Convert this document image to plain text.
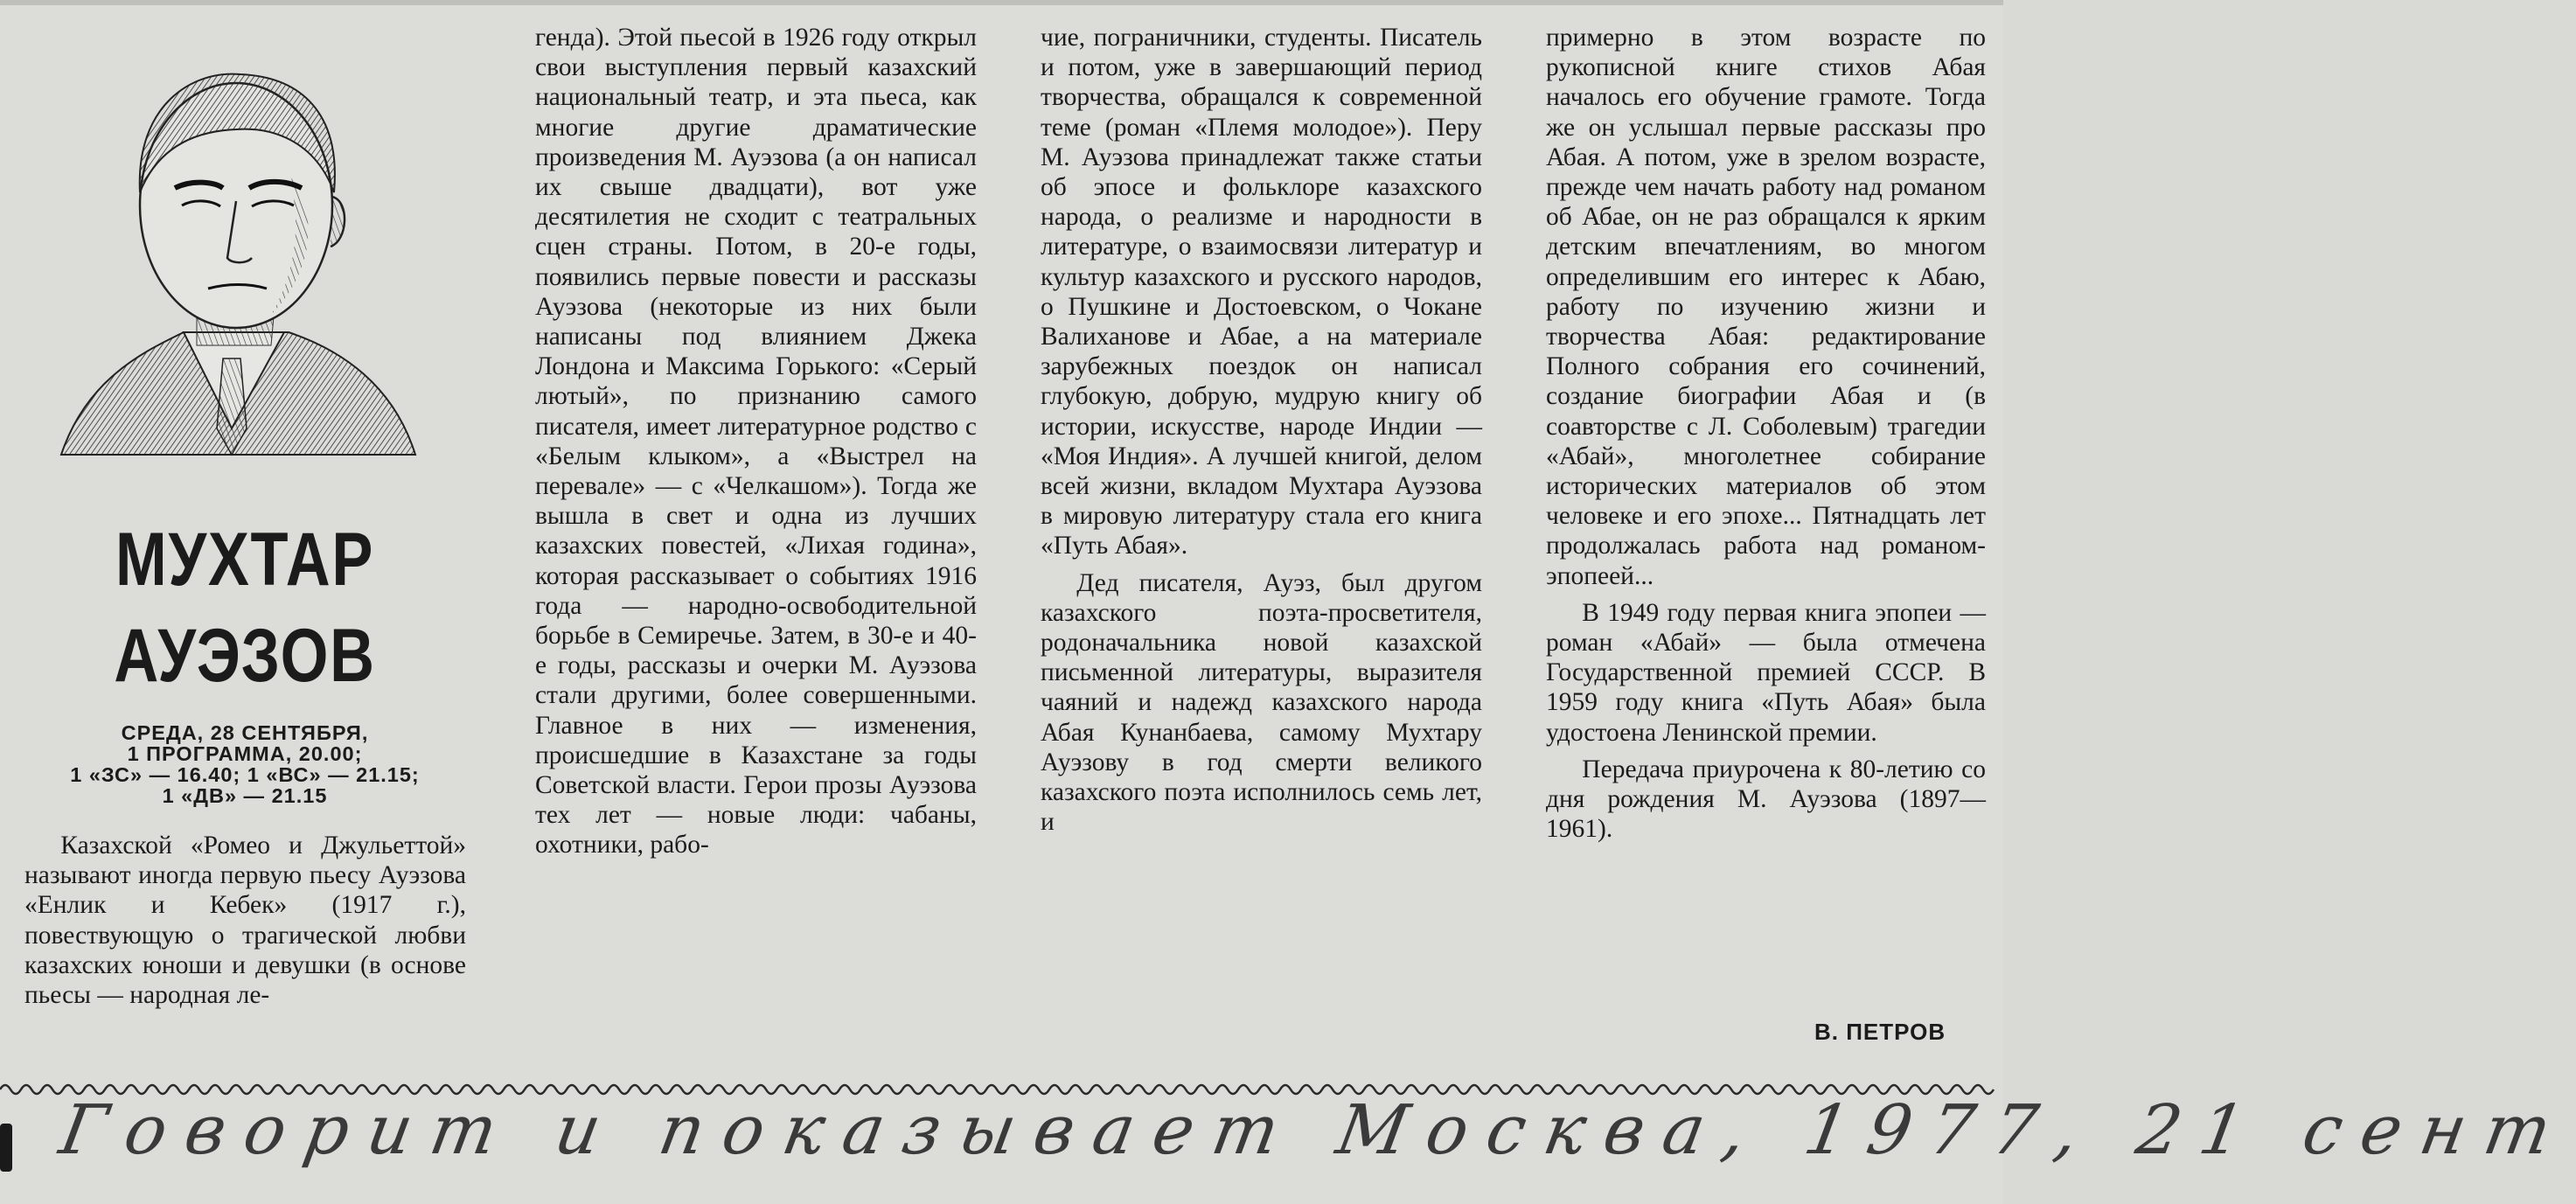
МУХТАР
АУЭЗОВ
СРЕДА, 28 СЕНТЯБРЯ,
1 ПРОГРАММА, 20.00;
1 «ЗС» — 16.40; 1 «ВС» — 21.15;
1 «ДВ» — 21.15

Казахской «Ромео и Джульеттой» называют иногда первую пьесу Ауэзова «Енлик и Кебек» (1917 г.), повествующую о трагической любви казахских юноши и девушки (в основе пьесы — народная ле-

генда). Этой пьесой в 1926 году открыл свои выступления первый казахский национальный театр, и эта пьеса, как многие другие драматические произведения М. Ауэзова (а он написал их свыше двадцати), вот уже десятилетия не сходит с театральных сцен страны. Потом, в 20-е годы, появились первые повести и рассказы Ауэзова (некоторые из них были написаны под влиянием Джека Лондона и Максима Горького: «Серый лютый», по признанию самого писателя, имеет литературное родство с «Белым клыком», а «Выстрел на перевале» — с «Челкашом»). Тогда же вышла в свет и одна из лучших казахских повестей, «Лихая година», которая рассказывает о событиях 1916 года — народно-освободительной борьбе в Семиречье. Затем, в 30-е и 40-е годы, рассказы и очерки М. Ауэзова стали другими, более совершенными. Главное в них — изменения, происшедшие в Казахстане за годы Советской власти. Герои прозы Ауэзова тех лет — новые люди: чабаны, охотники, рабо-

чие, пограничники, студенты. Писатель и потом, уже в завершающий период творчества, обращался к современной теме (роман «Племя молодое»). Перу М. Ауэзова принадлежат также статьи об эпосе и фольклоре казахского народа, о реализме и народности в литературе, о взаимосвязи литератур и культур казахского и русского народов, о Пушкине и Достоевском, о Чокане Валиханове и Абае, а на материале зарубежных поездок он написал глубокую, добрую, мудрую книгу об истории, искусстве, народе Индии — «Моя Индия». А лучшей книгой, делом всей жизни, вкладом Мухтара Ауэзова в мировую литературу стала его книга «Путь Абая».

Дед писателя, Ауэз, был другом казахского поэта-просветителя, родоначальника новой казахской письменной литературы, выразителя чаяний и надежд казахского народа Абая Кунанбаева, самому Мухтару Ауэзову в год смерти великого казахского поэта исполнилось семь лет, и

примерно в этом возрасте по рукописной книге стихов Абая началось его обучение грамоте. Тогда же он услышал первые рассказы про Абая. А потом, уже в зрелом возрасте, прежде чем начать работу над романом об Абае, он не раз обращался к ярким детским впечатлениям, во многом определившим его интерес к Абаю, работу по изучению жизни и творчества Абая: редактирование Полного собрания его сочинений, создание биографии Абая и (в соавторстве с Л. Соболевым) трагедии «Абай», многолетнее собирание исторических материалов об этом человеке и его эпохе... Пятнадцать лет продолжалась работа над романом-эпопеей...

В 1949 году первая книга эпопеи — роман «Абай» — была отмечена Государственной премией СССР. В 1959 году книга «Путь Абая» была удостоена Ленинской премии.

Передача приурочена к 80-летию со дня рождения М. Ауэзова (1897—1961).

В. ПЕТРОВ
Говорит и показывает Москва, 1977, 21 сент
